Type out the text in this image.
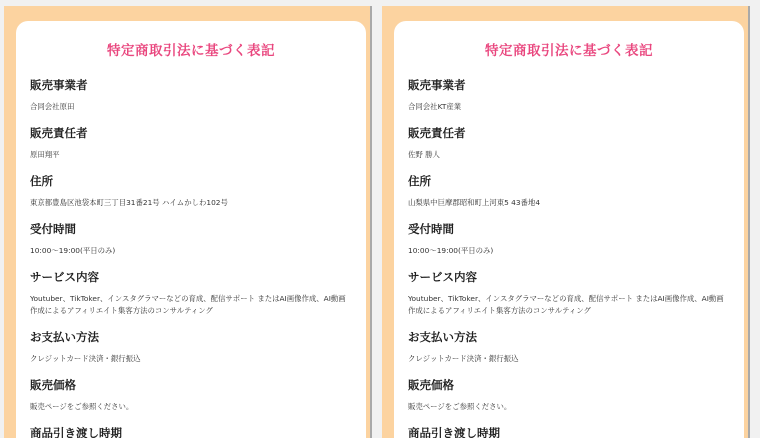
特定商取引法に基づく表記
販売事業者
合同会社原田
販売責任者
原田翔平
住所
東京都豊島区池袋本町三丁目31番21号 ハイムかしわ102号
受付時間
10:00〜19:00(平日のみ)
サービス内容
Youtuber、TikToker、インスタグラマーなどの育成、配信サポート またはAI画像作成、AI動画作成によるアフィリエイト集客方法のコンサルティング
お支払い方法
クレジットカード決済・銀行振込
販売価格
販売ページをご参照ください。
商品引き渡し時期
特定商取引法に基づく表記
販売事業者
合同会社KT産業
販売責任者
佐野 勝人
住所
山梨県中巨摩郡昭和町上河東5 43番地4
受付時間
10:00〜19:00(平日のみ)
サービス内容
Youtuber、TikToker、インスタグラマーなどの育成、配信サポート またはAI画像作成、AI動画作成によるアフィリエイト集客方法のコンサルティング
お支払い方法
クレジットカード決済・銀行振込
販売価格
販売ページをご参照ください。
商品引き渡し時期
